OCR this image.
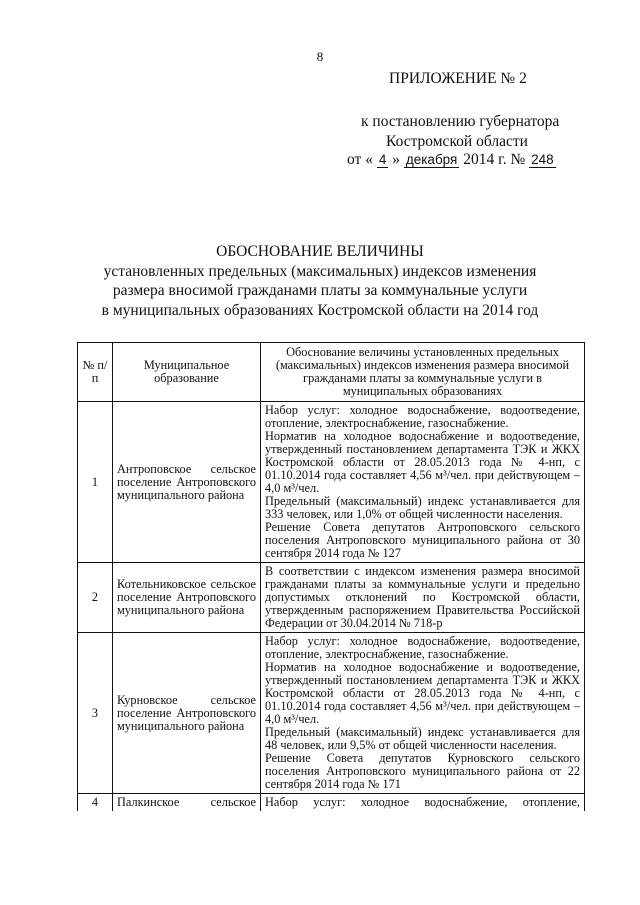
8
ПРИЛОЖЕНИЕ № 2
к постановлению губернатора
Костромской области
от « 4 » декабря 2014 г. № 248
ОБОСНОВАНИЕ ВЕЛИЧИНЫ
установленных предельных (максимальных) индексов изменения
размера вносимой гражданами платы за коммунальные услуги
в муниципальных образованиях Костромской области на 2014 год
№ п/п	Муниципальное образование	Обоснование величины установленных предельных (максимальных) индексов изменения размера вносимой гражданами платы за коммунальные услуги в муниципальных образованиях
1	Антроповское сельское поселение Антроповского муниципального района	Набор услуг: холодное водоснабжение, водоотведение, отопление, электроснабжение, газоснабжение.

Норматив на холодное водоснабжение и водоотведение, утвержденный постановлением департамента ТЭК и ЖКХ Костромской области от 28.05.2013 года № 4-нп, с 01.10.2014 года составляет 4,56 м³/чел. при действующем – 4,0 м³/чел.

Предельный (максимальный) индекс устанавливается для 333 человек, или 1,0% от общей численности населения.

Решение Совета депутатов Антроповского сельского поселения Антроповского муниципального района от 30 сентября 2014 года № 127

2	Котельниковское сельское поселение Антроповского муниципального района	В соответствии с индексом изменения размера вносимой гражданами платы за коммунальные услуги и предельно допустимых отклонений по Костромской области, утвержденным распоряжением Правительства Российской Федерации от 30.04.2014 № 718-р
3	Курновское сельское поселение Антроповского муниципального района	Набор услуг: холодное водоснабжение, водоотведение, отопление, электроснабжение, газоснабжение.

Норматив на холодное водоснабжение и водоотведение, утвержденный постановлением департамента ТЭК и ЖКХ Костромской области от 28.05.2013 года № 4-нп, с 01.10.2014 года составляет 4,56 м³/чел. при действующем – 4,0 м³/чел.

Предельный (максимальный) индекс устанавливается для 48 человек, или 9,5% от общей численности населения.

Решение Совета депутатов Курновского сельского поселения Антроповского муниципального района от 22 сентября 2014 года № 171

4	Палкинское сельское	Набор услуг: холодное водоснабжение, отопление,
